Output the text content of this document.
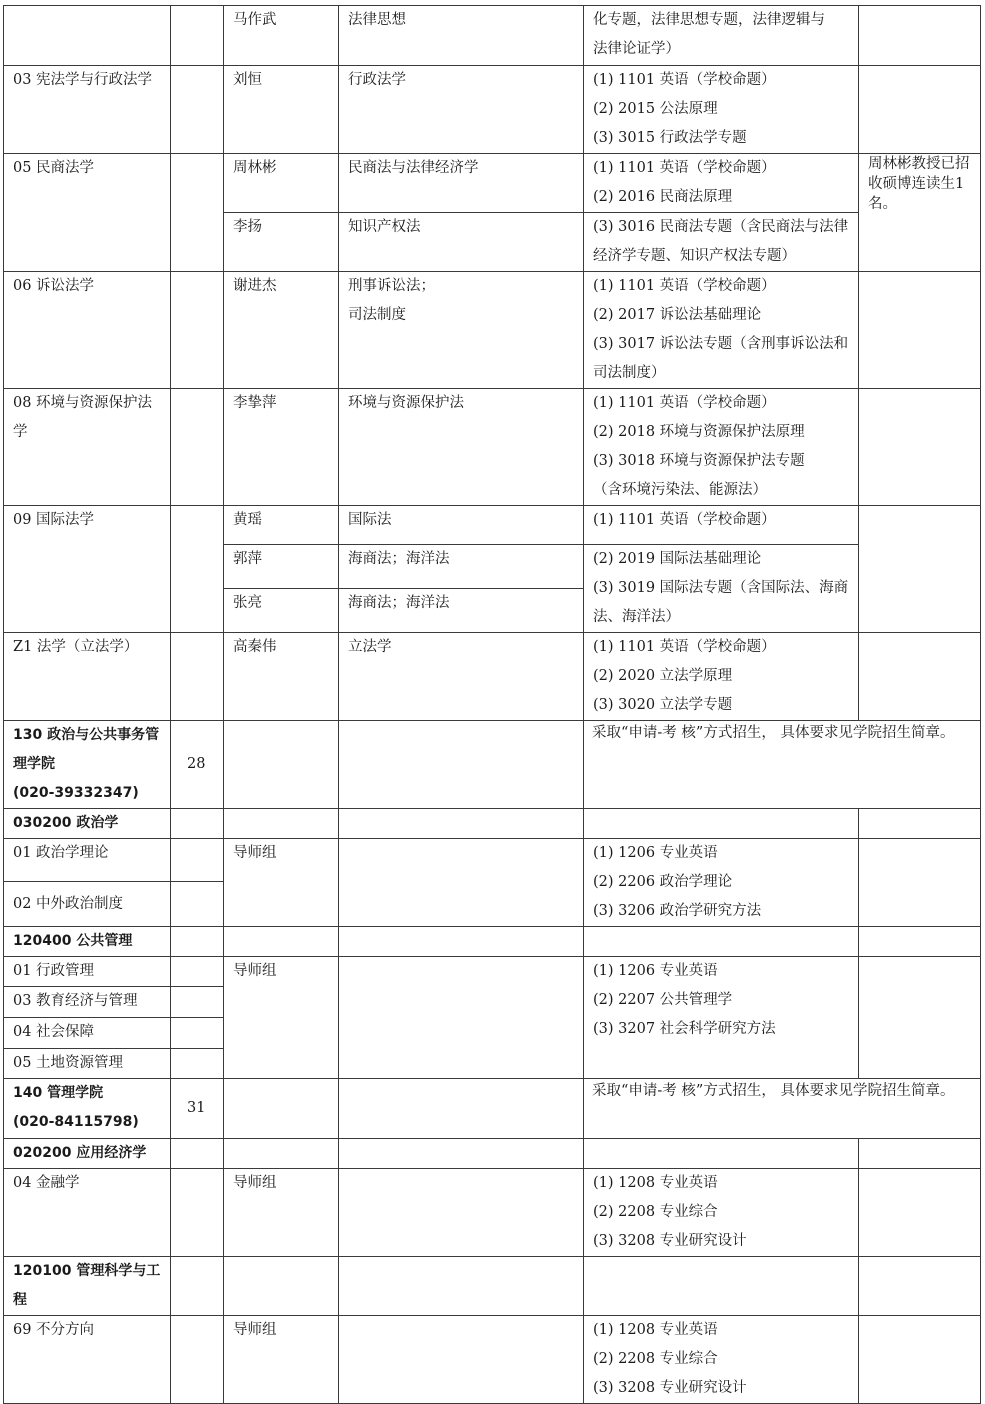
		马作武	法律思想	化专题，法律思想专题，法律逻辑与
法律论证学）	

03 宪法学与行政法学		刘恒	行政法学	(1) 1101 英语（学校命题）
(2) 2015 公法原理
(3) 3015 行政法学专题	

05 民商法学		周林彬	民商法与法律经济学	(1) 1101 英语（学校命题）
(2) 2016 民商法原理	周林彬教授已招收硕博连读生1名。

		李扬	知识产权法	(3) 3016 民商法专题（含民商法与法律经济学专题、知识产权法专题）	

06 诉讼法学		谢进杰	刑事诉讼法；
司法制度	(1) 1101 英语（学校命题）
(2) 2017 诉讼法基础理论
(3) 3017 诉讼法专题（含刑事诉讼法和司法制度）	

08 环境与资源保护法学		李挚萍	环境与资源保护法	(1) 1101 英语（学校命题）
(2) 2018 环境与资源保护法原理
(3) 3018 环境与资源保护法专题
（含环境污染法、能源法）	

09 国际法学		黄瑶	国际法	(1) 1101 英语（学校命题）	

		郭萍	海商法；海洋法	(2) 2019 国际法基础理论
(3) 3019 国际法专题（含国际法、海商法、海洋法）	

		张亮	海商法；海洋法		
Z1 法学（立法学）		高秦伟	立法学	(1) 1101 英语（学校命题）
(2) 2020 立法学原理
(3) 3020 立法学专题	

130 政治与公共事务管理学院
(020-39332347)	28			采取“申请-考 核”方式招生， 具体要求见学院招生简章。	

030200 政治学					
01 政治学理论		导师组		(1) 1206 专业英语
(2) 2206 政治学理论
(3) 3206 政治学研究方法	

02 中外政治制度					
120400 公共管理					
01 行政管理		导师组		(1) 1206 专业英语
(2) 2207 公共管理学
(3) 3207 社会科学研究方法	

03 教育经济与管理					
04 社会保障					
05 土地资源管理					

140 管理学院
(020-84115798)	31			采取“申请-考 核”方式招生， 具体要求见学院招生简章。	

020200 应用经济学					
04 金融学		导师组		(1) 1208 专业英语
(2) 2208 专业综合
(3) 3208 专业研究设计	

120100 管理科学与工程					

69 不分方向		导师组		(1) 1208 专业英语
(2) 2208 专业综合
(3) 3208 专业研究设计	
